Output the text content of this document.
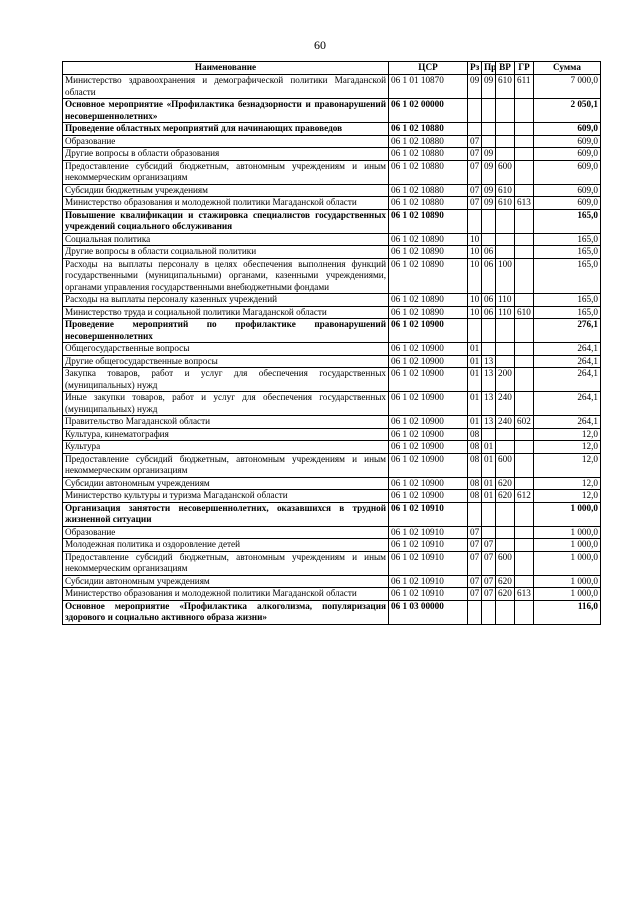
60
Наименование	ЦСР	Рз	Пр	ВР	ГР	Сумма
Министерство здравоохранения и демографической политики Магаданской области	06 1 01 10870	09	09	610	611	7 000,0
Основное мероприятие «Профилактика безнадзорности и правонарушений несовершеннолетних»	06 1 02 00000					2 050,1
Проведение областных мероприятий для начинающих правоведов	06 1 02 10880					609,0
Образование	06 1 02 10880	07				609,0
Другие вопросы в области образования	06 1 02 10880	07	09			609,0
Предоставление субсидий бюджетным, автономным учреждениям и иным некоммерческим организациям	06 1 02 10880	07	09	600		609,0
Субсидии бюджетным учреждениям	06 1 02 10880	07	09	610		609,0
Министерство образования и молодежной политики Магаданской области	06 1 02 10880	07	09	610	613	609,0
Повышение квалификации и стажировка специалистов государственных учреждений социального обслуживания	06 1 02 10890					165,0
Социальная политика	06 1 02 10890	10				165,0
Другие вопросы в области социальной политики	06 1 02 10890	10	06			165,0
Расходы на выплаты персоналу в целях обеспечения выполнения функций государственными (муниципальными) органами, казенными учреждениями, органами управления государственными внебюджетными фондами	06 1 02 10890	10	06	100		165,0
Расходы на выплаты персоналу казенных учреждений	06 1 02 10890	10	06	110		165,0
Министерство труда и социальной политики Магаданской области	06 1 02 10890	10	06	110	610	165,0
Проведение мероприятий по профилактике правонарушений несовершеннолетних	06 1 02 10900					276,1
Общегосударственные вопросы	06 1 02 10900	01				264,1
Другие общегосударственные вопросы	06 1 02 10900	01	13			264,1
Закупка товаров, работ и услуг для обеспечения государственных (муниципальных) нужд	06 1 02 10900	01	13	200		264,1
Иные закупки товаров, работ и услуг для обеспечения государственных (муниципальных) нужд	06 1 02 10900	01	13	240		264,1
Правительство Магаданской области	06 1 02 10900	01	13	240	602	264,1
Культура, кинематография	06 1 02 10900	08				12,0
Культура	06 1 02 10900	08	01			12,0
Предоставление субсидий бюджетным, автономным учреждениям и иным некоммерческим организациям	06 1 02 10900	08	01	600		12,0
Субсидии автономным учреждениям	06 1 02 10900	08	01	620		12,0
Министерство культуры и туризма Магаданской области	06 1 02 10900	08	01	620	612	12,0
Организация занятости несовершеннолетних, оказавшихся в трудной жизненной ситуации	06 1 02 10910					1 000,0
Образование	06 1 02 10910	07				1 000,0
Молодежная политика и оздоровление детей	06 1 02 10910	07	07			1 000,0
Предоставление субсидий бюджетным, автономным учреждениям и иным некоммерческим организациям	06 1 02 10910	07	07	600		1 000,0
Субсидии автономным учреждениям	06 1 02 10910	07	07	620		1 000,0
Министерство образования и молодежной политики Магаданской области	06 1 02 10910	07	07	620	613	1 000,0
Основное мероприятие «Профилактика алкоголизма, популяризация здорового и социально активного образа жизни»	06 1 03 00000					116,0
